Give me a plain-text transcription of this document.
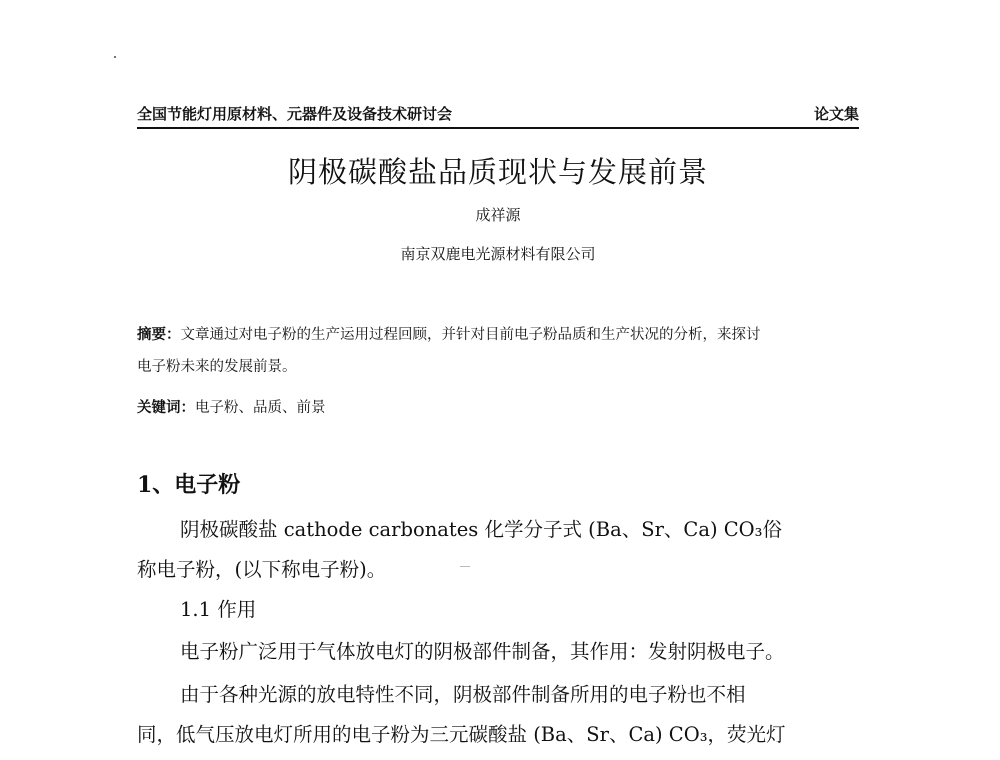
全国节能灯用原材料、元器件及设备技术研讨会	论文集
阴极碳酸盐品质现状与发展前景
成祥源
南京双鹿电光源材料有限公司

摘要：文章通过对电子粉的生产运用过程回顾，并针对目前电子粉品质和生产状况的分析，来探讨
电子粉未来的发展前景。

关键词：电子粉、品质、前景
1、电子粉

阴极碳酸盐 cathode carbonates 化学分子式 (Ba、Sr、Ca) CO₃俗

称电子粉，(以下称电子粉)。

1.1 作用

电子粉广泛用于气体放电灯的阴极部件制备，其作用：发射阴极电子。

由于各种光源的放电特性不同，阴极部件制备所用的电子粉也不相

同，低气压放电灯所用的电子粉为三元碳酸盐 (Ba、Sr、Ca) CO₃，荧光灯
